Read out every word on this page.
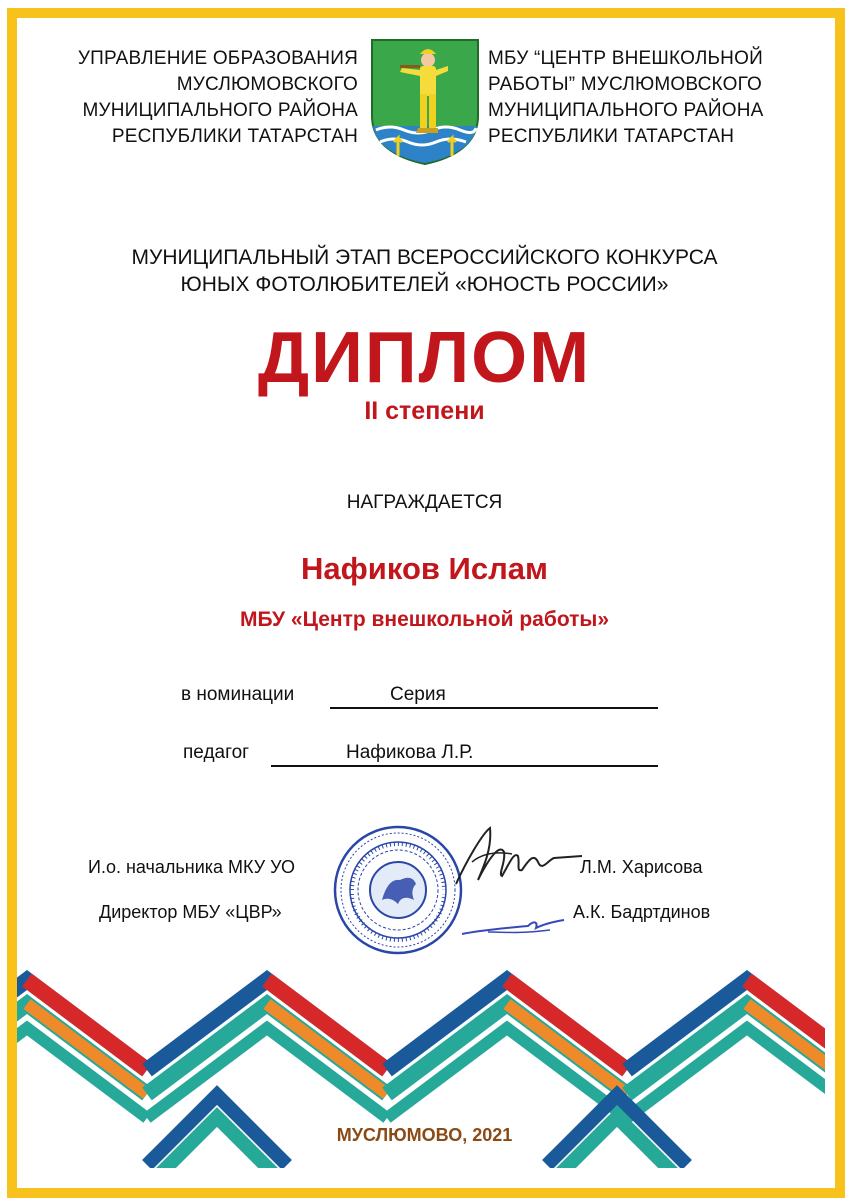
УПРАВЛЕНИЕ ОБРАЗОВАНИЯ
МУСЛЮМОВСКОГО
МУНИЦИПАЛЬНОГО РАЙОНА
РЕСПУБЛИКИ ТАТАРСТАН
МБУ “ЦЕНТР ВНЕШКОЛЬНОЙ
РАБОТЫ” МУСЛЮМОВСКОГО
МУНИЦИПАЛЬНОГО РАЙОНА
РЕСПУБЛИКИ ТАТАРСТАН
МУНИЦИПАЛЬНЫЙ ЭТАП ВСЕРОССИЙСКОГО КОНКУРСА
ЮНЫХ ФОТОЛЮБИТЕЛЕЙ «ЮНОСТЬ РОССИИ»
ДИПЛОМ
II степени
НАГРАЖДАЕТСЯ
Нафиков Ислам
МБУ «Центр внешкольной работы»
в номинации	Серия
педагог	Нафикова Л.Р.
И.о. начальника МКУ УО	Л.М. Харисова
Директор МБУ «ЦВР»	А.К. Бадртдинов
МУСЛЮМОВО, 2021
